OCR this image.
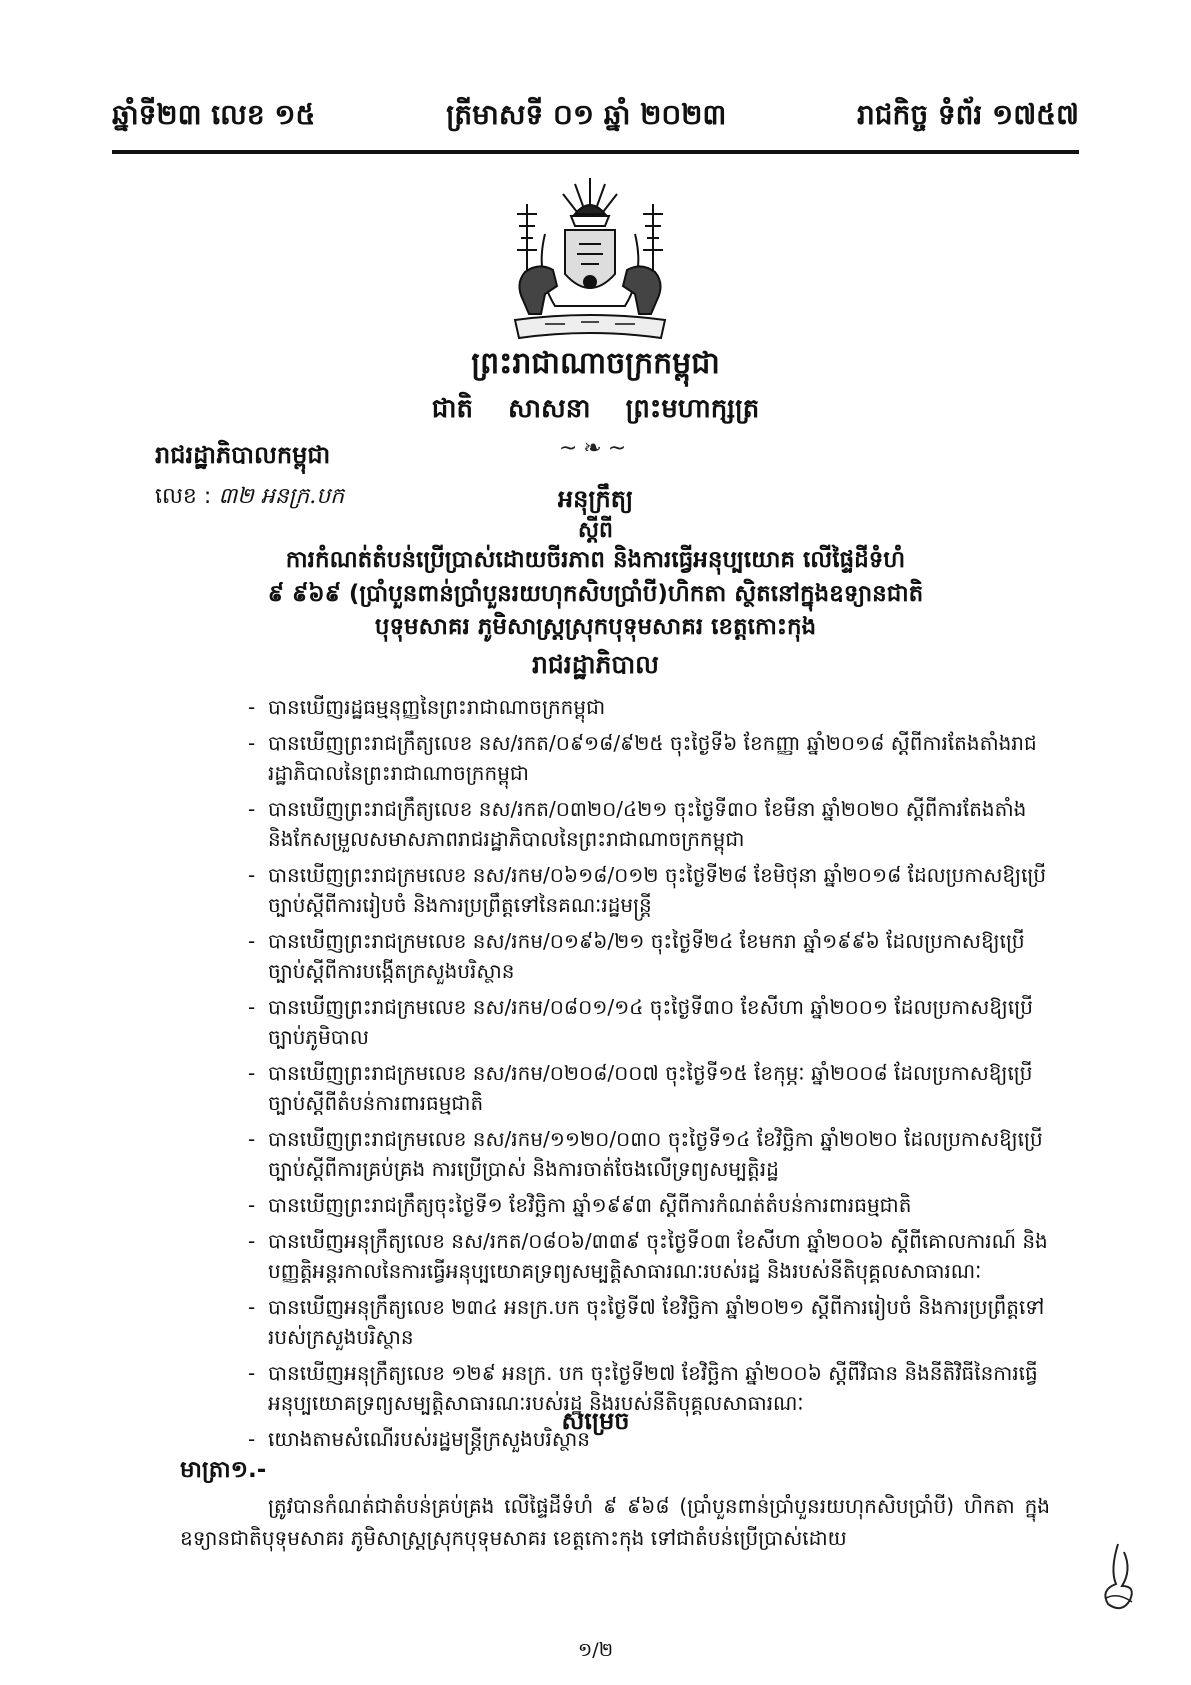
ឆ្នាំទី២៣ លេខ ១៥	ត្រីមាសទី ០១ ឆ្នាំ ២០២៣	រាជកិច្ច ទំព័រ ១៧៥៧
ព្រះរាជាណាចក្រកម្ពុជា
ជាតិ សាសនា ព្រះមហាក្សត្រ
~❧~
រាជរដ្ឋាភិបាលកម្ពុជា
លេខ : ៣២ អនក្រ.បក	អនុក្រឹត្យ
ស្ដីពី
ការកំណត់តំបន់ប្រើប្រាស់ដោយចីរភាព និងការធ្វើអនុប្បយោគ លើផ្ទៃដីទំហំ
៩ ៩៦៩ (ប្រាំបួនពាន់ប្រាំបួនរយហុកសិបប្រាំបី)ហិកតា ស្ថិតនៅក្នុងឧទ្យានជាតិ
បុទុមសាគរ ភូមិសាស្ត្រស្រុកបុទុមសាគរ ខេត្តកោះកុង
រាជរដ្ឋាភិបាល
- បានឃើញរដ្ឋធម្មនុញ្ញនៃព្រះរាជាណាចក្រកម្ពុជា
- បានឃើញព្រះរាជក្រឹត្យលេខ នស/រកត/០៩១៨/៩២៥ ចុះថ្ងៃទី៦ ខែកញ្ញា ឆ្នាំ២០១៨ ស្ដីពីការតែងតាំងរាជរដ្ឋាភិបាលនៃព្រះរាជាណាចក្រកម្ពុជា
- បានឃើញព្រះរាជក្រឹត្យលេខ នស/រកត/០៣២០/៤២១ ចុះថ្ងៃទី៣០ ខែមីនា ឆ្នាំ២០២០ ស្ដីពីការតែងតាំង និងកែសម្រួលសមាសភាពរាជរដ្ឋាភិបាលនៃព្រះរាជាណាចក្រកម្ពុជា
- បានឃើញព្រះរាជក្រមលេខ នស/រកម/០៦១៨/០១២ ចុះថ្ងៃទី២៨ ខែមិថុនា ឆ្នាំ២០១៨ ដែលប្រកាសឱ្យប្រើច្បាប់ស្ដីពីការរៀបចំ និងការប្រព្រឹត្តទៅនៃគណៈរដ្ឋមន្ត្រី
- បានឃើញព្រះរាជក្រមលេខ នស/រកម/០១៩៦/២១ ចុះថ្ងៃទី២៤ ខែមករា ឆ្នាំ១៩៩៦ ដែលប្រកាសឱ្យប្រើច្បាប់ស្ដីពីការបង្កើតក្រសួងបរិស្ថាន
- បានឃើញព្រះរាជក្រមលេខ នស/រកម/០៨០១/១៤ ចុះថ្ងៃទី៣០ ខែសីហា ឆ្នាំ២០០១ ដែលប្រកាសឱ្យប្រើច្បាប់ភូមិបាល
- បានឃើញព្រះរាជក្រមលេខ នស/រកម/០២០៨/០០៧ ចុះថ្ងៃទី១៥ ខែកុម្ភៈ ឆ្នាំ២០០៨ ដែលប្រកាសឱ្យប្រើច្បាប់ស្ដីពីតំបន់ការពារធម្មជាតិ
- បានឃើញព្រះរាជក្រមលេខ នស/រកម/១១២០/០៣០ ចុះថ្ងៃទី១៤ ខែវិច្ឆិកា ឆ្នាំ២០២០ ដែលប្រកាសឱ្យប្រើច្បាប់ស្ដីពីការគ្រប់គ្រង ការប្រើប្រាស់ និងការចាត់ចែងលើទ្រព្យសម្បត្តិរដ្ឋ
- បានឃើញព្រះរាជក្រឹត្យចុះថ្ងៃទី១ ខែវិច្ឆិកា ឆ្នាំ១៩៩៣ ស្ដីពីការកំណត់តំបន់ការពារធម្មជាតិ
- បានឃើញអនុក្រឹត្យលេខ នស/រកត/០៨០៦/៣៣៩ ចុះថ្ងៃទី០៣ ខែសីហា ឆ្នាំ២០០៦ ស្ដីពីគោលការណ៍ និងបញ្ញត្តិអន្តរកាលនៃការធ្វើអនុប្បយោគទ្រព្យសម្បត្តិសាធារណៈរបស់រដ្ឋ និងរបស់នីតិបុគ្គលសាធារណៈ
- បានឃើញអនុក្រឹត្យលេខ ២៣៤ អនក្រ.បក ចុះថ្ងៃទី៧ ខែវិច្ឆិកា ឆ្នាំ២០២១ ស្ដីពីការរៀបចំ និងការប្រព្រឹត្តទៅរបស់ក្រសួងបរិស្ថាន
- បានឃើញអនុក្រឹត្យលេខ ១២៩ អនក្រ. បក ចុះថ្ងៃទី២៧ ខែវិច្ឆិកា ឆ្នាំ២០០៦ ស្ដីពីវិធាន និងនីតិវិធីនៃការធ្វើអនុប្បយោគទ្រព្យសម្បត្តិសាធារណៈរបស់រដ្ឋ និងរបស់នីតិបុគ្គលសាធារណៈ
- យោងតាមសំណើរបស់រដ្ឋមន្ត្រីក្រសួងបរិស្ថាន
សម្រេច
មាត្រា១.-
ត្រូវបានកំណត់ជាតំបន់គ្រប់គ្រង លើផ្ទៃដីទំហំ ៩ ៩៦៨ (ប្រាំបួនពាន់ប្រាំបួនរយហុកសិបប្រាំបី) ហិកតា ក្នុងឧទ្យានជាតិបុទុមសាគរ ភូមិសាស្ត្រស្រុកបុទុមសាគរ ខេត្តកោះកុង ទៅជាតំបន់ប្រើប្រាស់ដោយ
១/២
